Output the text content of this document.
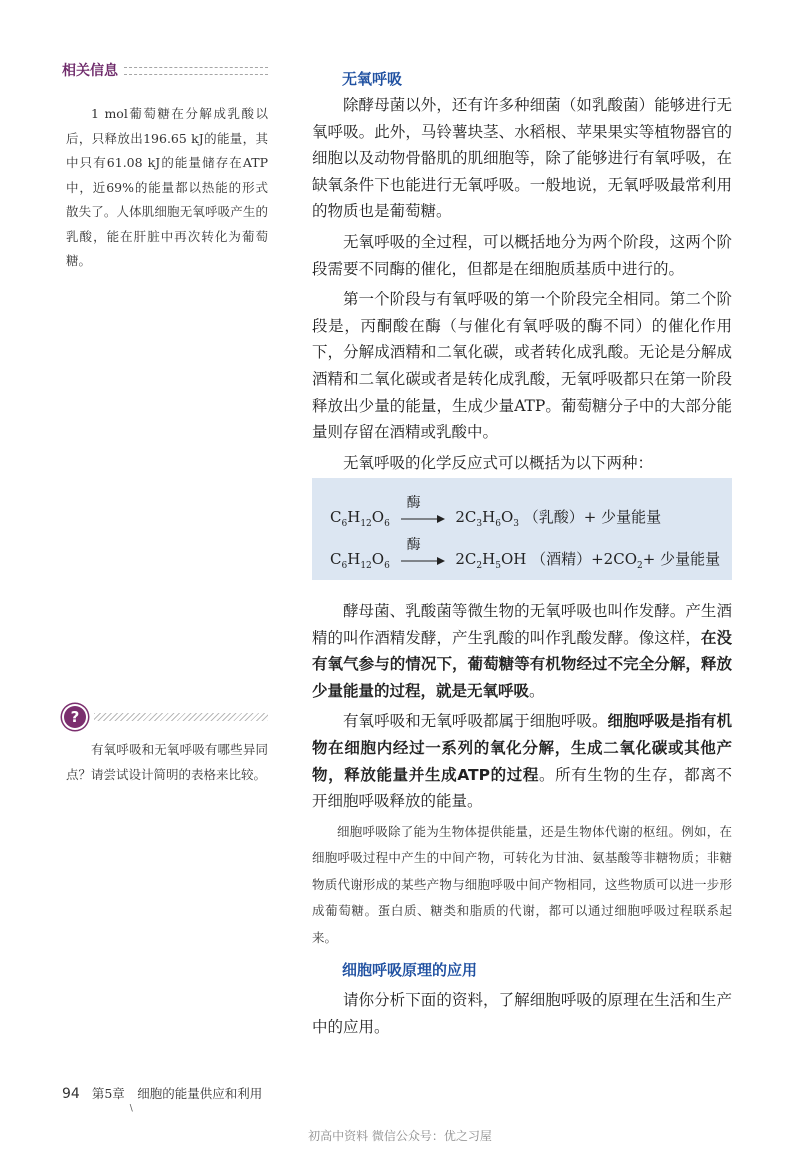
相关信息

1 mol葡萄糖在分解成乳酸以后，只释放出196.65 kJ的能量，其中只有61.08 kJ的能量储存在ATP中，近69%的能量都以热能的形式散失了。人体肌细胞无氧呼吸产生的乳酸，能在肝脏中再次转化为葡萄糖。

?

有氧呼吸和无氧呼吸有哪些异同点？请尝试设计简明的表格来比较。

无氧呼吸

除酵母菌以外，还有许多种细菌（如乳酸菌）能够进行无氧呼吸。此外，马铃薯块茎、水稻根、苹果果实等植物器官的细胞以及动物骨骼肌的肌细胞等，除了能够进行有氧呼吸，在缺氧条件下也能进行无氧呼吸。一般地说，无氧呼吸最常利用的物质也是葡萄糖。

无氧呼吸的全过程，可以概括地分为两个阶段，这两个阶段需要不同酶的催化，但都是在细胞质基质中进行的。

第一个阶段与有氧呼吸的第一个阶段完全相同。第二个阶段是，丙酮酸在酶（与催化有氧呼吸的酶不同）的催化作用下，分解成酒精和二氧化碳，或者转化成乳酸。无论是分解成酒精和二氧化碳或者是转化成乳酸，无氧呼吸都只在第一阶段释放出少量的能量，生成少量ATP。葡萄糖分子中的大部分能量则存留在酒精或乳酸中。

无氧呼吸的化学反应式可以概括为以下两种：

$C_6H_{12}O_6$
酶
$2C_3H_6O_3$ （乳酸）+ 少量能量
$C_6H_{12}O_6$
酶
$2C_2H_5OH$ （酒精）$+2CO_2+$ 少量能量

酵母菌、乳酸菌等微生物的无氧呼吸也叫作发酵。产生酒精的叫作酒精发酵，产生乳酸的叫作乳酸发酵。像这样，在没有氧气参与的情况下，葡萄糖等有机物经过不完全分解，释放少量能量的过程，就是无氧呼吸。

有氧呼吸和无氧呼吸都属于细胞呼吸。细胞呼吸是指有机物在细胞内经过一系列的氧化分解，生成二氧化碳或其他产物，释放能量并生成ATP的过程。所有生物的生存，都离不开细胞呼吸释放的能量。

细胞呼吸除了能为生物体提供能量，还是生物体代谢的枢纽。例如，在细胞呼吸过程中产生的中间产物，可转化为甘油、氨基酸等非糖物质；非糖物质代谢形成的某些产物与细胞呼吸中间产物相同，这些物质可以进一步形成葡萄糖。蛋白质、糖类和脂质的代谢，都可以通过细胞呼吸过程联系起来。

细胞呼吸原理的应用

请你分析下面的资料，了解细胞呼吸的原理在生活和生产中的应用。

94 第5章　细胞的能量供应和利用
∖
初高中资料 微信公众号：优之习屋
